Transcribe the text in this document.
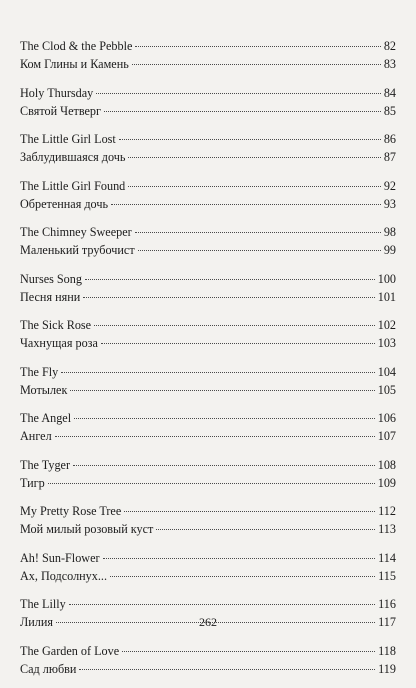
The Clod & the Pebble	82
Ком Глины и Камень	83
Holy Thursday	84
Святой Четверг	85
The Little Girl Lost	86
Заблудившаяся дочь	87
The Little Girl Found	92
Обретенная дочь	93
The Chimney Sweeper	98
Маленький трубочист	99
Nurses Song	100
Песня няни	101
The Sick Rose	102
Чахнущая роза	103
The Fly	104
Мотылек	105
The Angel	106
Ангел	107
The Tyger	108
Тигр	109
My Pretty Rose Tree	112
Мой милый розовый куст	113
Ah! Sun-Flower	114
Ах, Подсолнух...	115
The Lilly	116
Лилия	117
The Garden of Love	118
Сад любви	119
262
